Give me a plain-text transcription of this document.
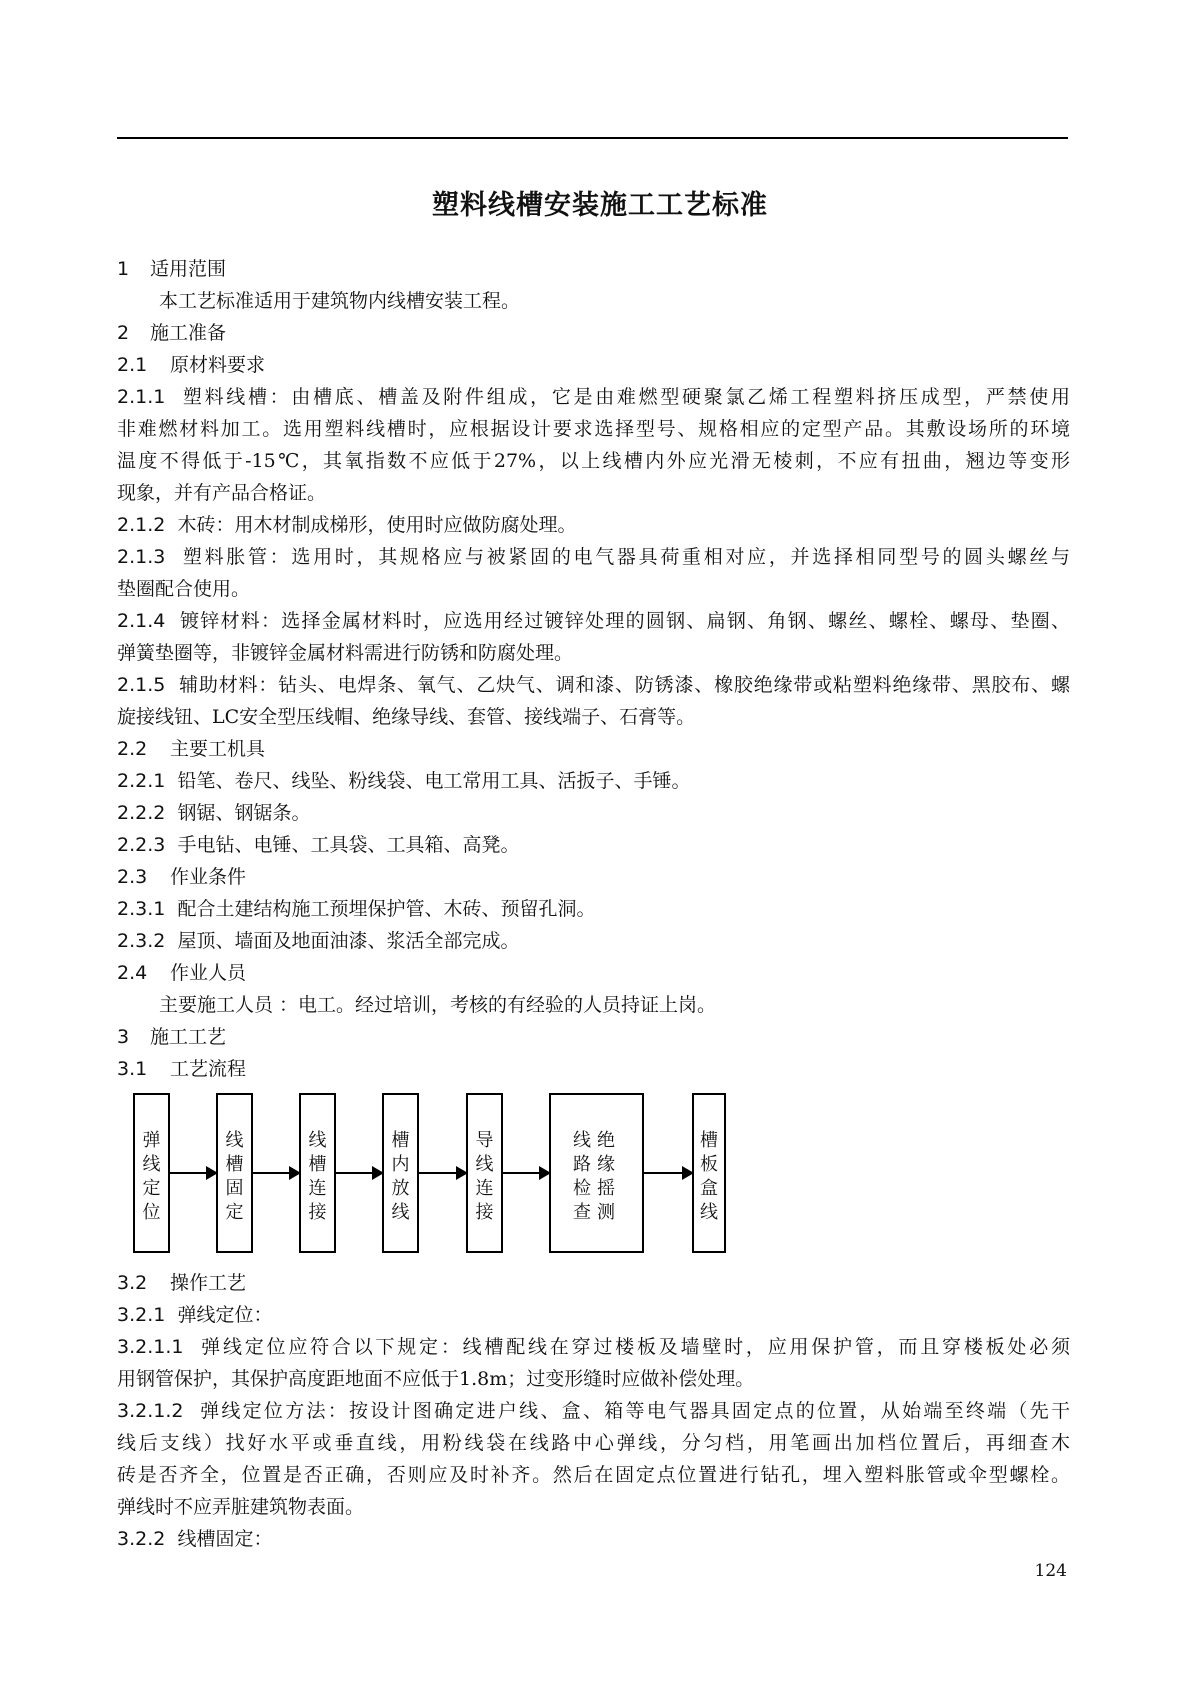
塑料线槽安装施工工艺标准
1 适用范围
本工艺标准适用于建筑物内线槽安装工程。
2 施工准备
2.1 原材料要求
2.1.1 塑料线槽：由槽底、槽盖及附件组成，它是由难燃型硬聚氯乙烯工程塑料挤压成型，严禁使用
非难燃材料加工。选用塑料线槽时，应根据设计要求选择型号、规格相应的定型产品。其敷设场所的环境
温度不得低于-15℃，其氧指数不应低于27%，以上线槽内外应光滑无棱刺，不应有扭曲，翘边等变形
现象，并有产品合格证。
2.1.2 木砖：用木材制成梯形，使用时应做防腐处理。
2.1.3 塑料胀管：选用时，其规格应与被紧固的电气器具荷重相对应，并选择相同型号的圆头螺丝与
垫圈配合使用。
2.1.4 镀锌材料：选择金属材料时，应选用经过镀锌处理的圆钢、扁钢、角钢、螺丝、螺栓、螺母、垫圈、
弹簧垫圈等，非镀锌金属材料需进行防锈和防腐处理。
2.1.5 辅助材料：钻头、电焊条、氧气、乙炔气、调和漆、防锈漆、橡胶绝缘带或粘塑料绝缘带、黑胶布、螺
旋接线钮、LC安全型压线帽、绝缘导线、套管、接线端子、石膏等。
2.2 主要工机具
2.2.1 铅笔、卷尺、线坠、粉线袋、电工常用工具、活扳子、手锤。
2.2.2 钢锯、钢锯条。
2.2.3 手电钻、电锤、工具袋、工具箱、高凳。
2.3 作业条件
2.3.1 配合土建结构施工预埋保护管、木砖、预留孔洞。
2.3.2 屋顶、墙面及地面油漆、浆活全部完成。
2.4 作业人员
主要施工人员 ：电工。经过培训，考核的有经验的人员持证上岗。
3 施工工艺
3.1 工艺流程
弹
线
定
位
线
槽
固
定
线
槽
连
接
槽
内
放
线
导
线
连
接
线
路
检
查
绝
缘
摇
测
槽
板
盒
线
3.2 操作工艺
3.2.1 弹线定位：
3.2.1.1 弹线定位应符合以下规定：线槽配线在穿过楼板及墙壁时，应用保护管，而且穿楼板处必须
用钢管保护，其保护高度距地面不应低于1.8m；过变形缝时应做补偿处理。
3.2.1.2 弹线定位方法：按设计图确定进户线、盒、箱等电气器具固定点的位置，从始端至终端（先干
线后支线）找好水平或垂直线，用粉线袋在线路中心弹线，分匀档，用笔画出加档位置后，再细查木
砖是否齐全，位置是否正确，否则应及时补齐。然后在固定点位置进行钻孔，埋入塑料胀管或伞型螺栓。
弹线时不应弄脏建筑物表面。
3.2.2 线槽固定：
124
